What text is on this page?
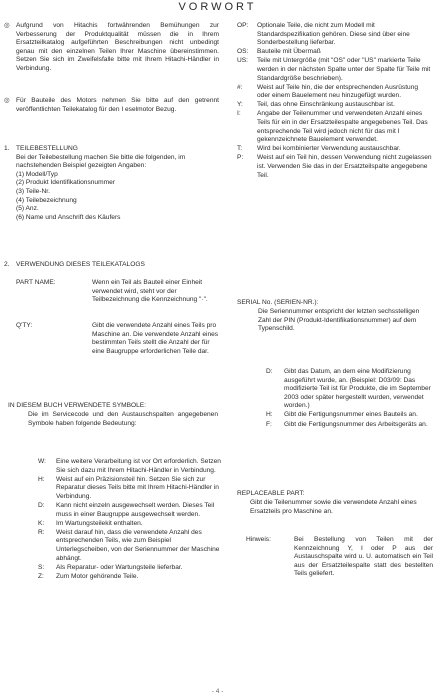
VORWORT
◎ Aufgrund von Hitachis fortwährenden Bemühungen zur Verbesserung der Produktqualität müssen die in Ihrem Ersatzteilkatalog aufgeführten Beschreibungen nicht unbedingt genau mit den einzelnen Teilen Ihrer Maschine übereinstimmen. Setzen Sie sich im Zweifelsfalle bitte mit Ihrem Hitachi-Händler in Verbindung.
◎ Für Bauteile des Motors nehmen Sie bitte auf den getrennt veröffentlichten Teilekatalog für den I eselmotor Bezug.
1. TEILEBESTELLUNG
Bei der Teilebestellung machen Sie bitte die folgenden, im nachstehenden Beispiel gezeigten Angaben:
(1) Modell/Typ
(2) Produkt Identifikationsnummer
(3) Teile-Nr.
(4) Teilebezeichnung
(5) Anz.
(6) Name und Anschrift des Käufers
2. VERWENDUNG DIESES TEILEKATALOGS
PART NAME:	Wenn ein Teil als Bauteil einer Einheit verwendet wird, steht vor der Teilbezeichnung die Kennzeichnung "·".
Q'TY:	Gibt die verwendete Anzahl eines Teils pro Maschine an. Die verwendete Anzahl eines bestimmten Teils stellt die Anzahl der für eine Baugruppe erforderlichen Teile dar.
IN DIESEM BUCH VERWENDETE SYMBOLE:
Die im Servicecode und den Austauschspalten angegebenen Symbole haben folgende Bedeutung:
W: Eine weitere Verarbeitung ist vor Ort erforderlich. Setzen Sie sich dazu mit Ihrem Hitachi-Händler in Verbindung.
H: Weist auf ein Präzisionsteil hin. Setzen Sie sich zur Reparatur dieses Teils bitte mit Ihrem Hitachi-Händler in Verbindung.
D: Kann nicht einzeln ausgewechselt werden. Dieses Teil muss in einer Baugruppe ausgewechselt werden.
K: Im Wartungsteilekit enthalten.
R: Weist darauf hin, dass die verwendete Anzahl des entsprechenden Teils, wie zum Beispiel Unterlegscheiben, von der Seriennummer der Maschine abhängt.
S: Als Reparatur- oder Wartungsteile lieferbar.
Z: Zum Motor gehörende Teile.
OP: Optionale Teile, die nicht zum Modell mit Standardspezifikation gehören. Diese sind über eine Sonderbestellung lieferbar.
OS: Bauteile mit Übermaß
US: Teile mit Untergröße (mit "OS" oder "US" markierte Teile werden in der nächsten Spalte unter der Spalte für Teile mit Standardgröße beschrieben).
#: Weist auf Teile hin, die der entsprechenden Ausrüstung oder einem Bauelement neu hinzugefügt wurden.
Y: Teil, das ohne Einschränkung austauschbar ist.
I: Angabe der Teilenummer und verwendeten Anzahl eines Teils für ein in der Ersatzteilespalte angegebenes Teil. Das entsprechende Teil wird jedoch nicht für das mit I gekennzeichnete Bauelement verwendet.
T: Wird bei kombinierter Verwendung austauschbar.
P: Weist auf ein Teil hin, dessen Verwendung nicht zugelassen ist. Verwenden Sie das in der Ersatzteilspalte angegebene Teil.
SERIAL No. (SERIEN-NR.):
Die Seriennummer entspricht der letzten sechsstelligen Zahl der PIN (Produkt-Identifikationsnummer) auf dem Typenschild.
D: Gibt das Datum, an dem eine Modifizierung ausgeführt wurde, an. (Beispiel: D03/09: Das modifizierte Teil ist für Produkte, die im September 2003 oder später hergestellt wurden, verwendet worden.)
H: Gibt die Fertigungsnummer eines Bauteils an.
F: Gibt die Fertigungsnummer des Arbeitsgeräts an.
REPLACEABLE PART:
Gibt die Teilenummer sowie die verwendete Anzahl eines Ersatzteils pro Maschine an.
Hinweis:	Bei Bestellung von Teilen mit der Kennzeichnung Y, I oder P aus der Austauschspalte wird u. U. automatisch ein Teil aus der Ersatzteilespalte statt des bestellten Teils geliefert.
- 4 -
